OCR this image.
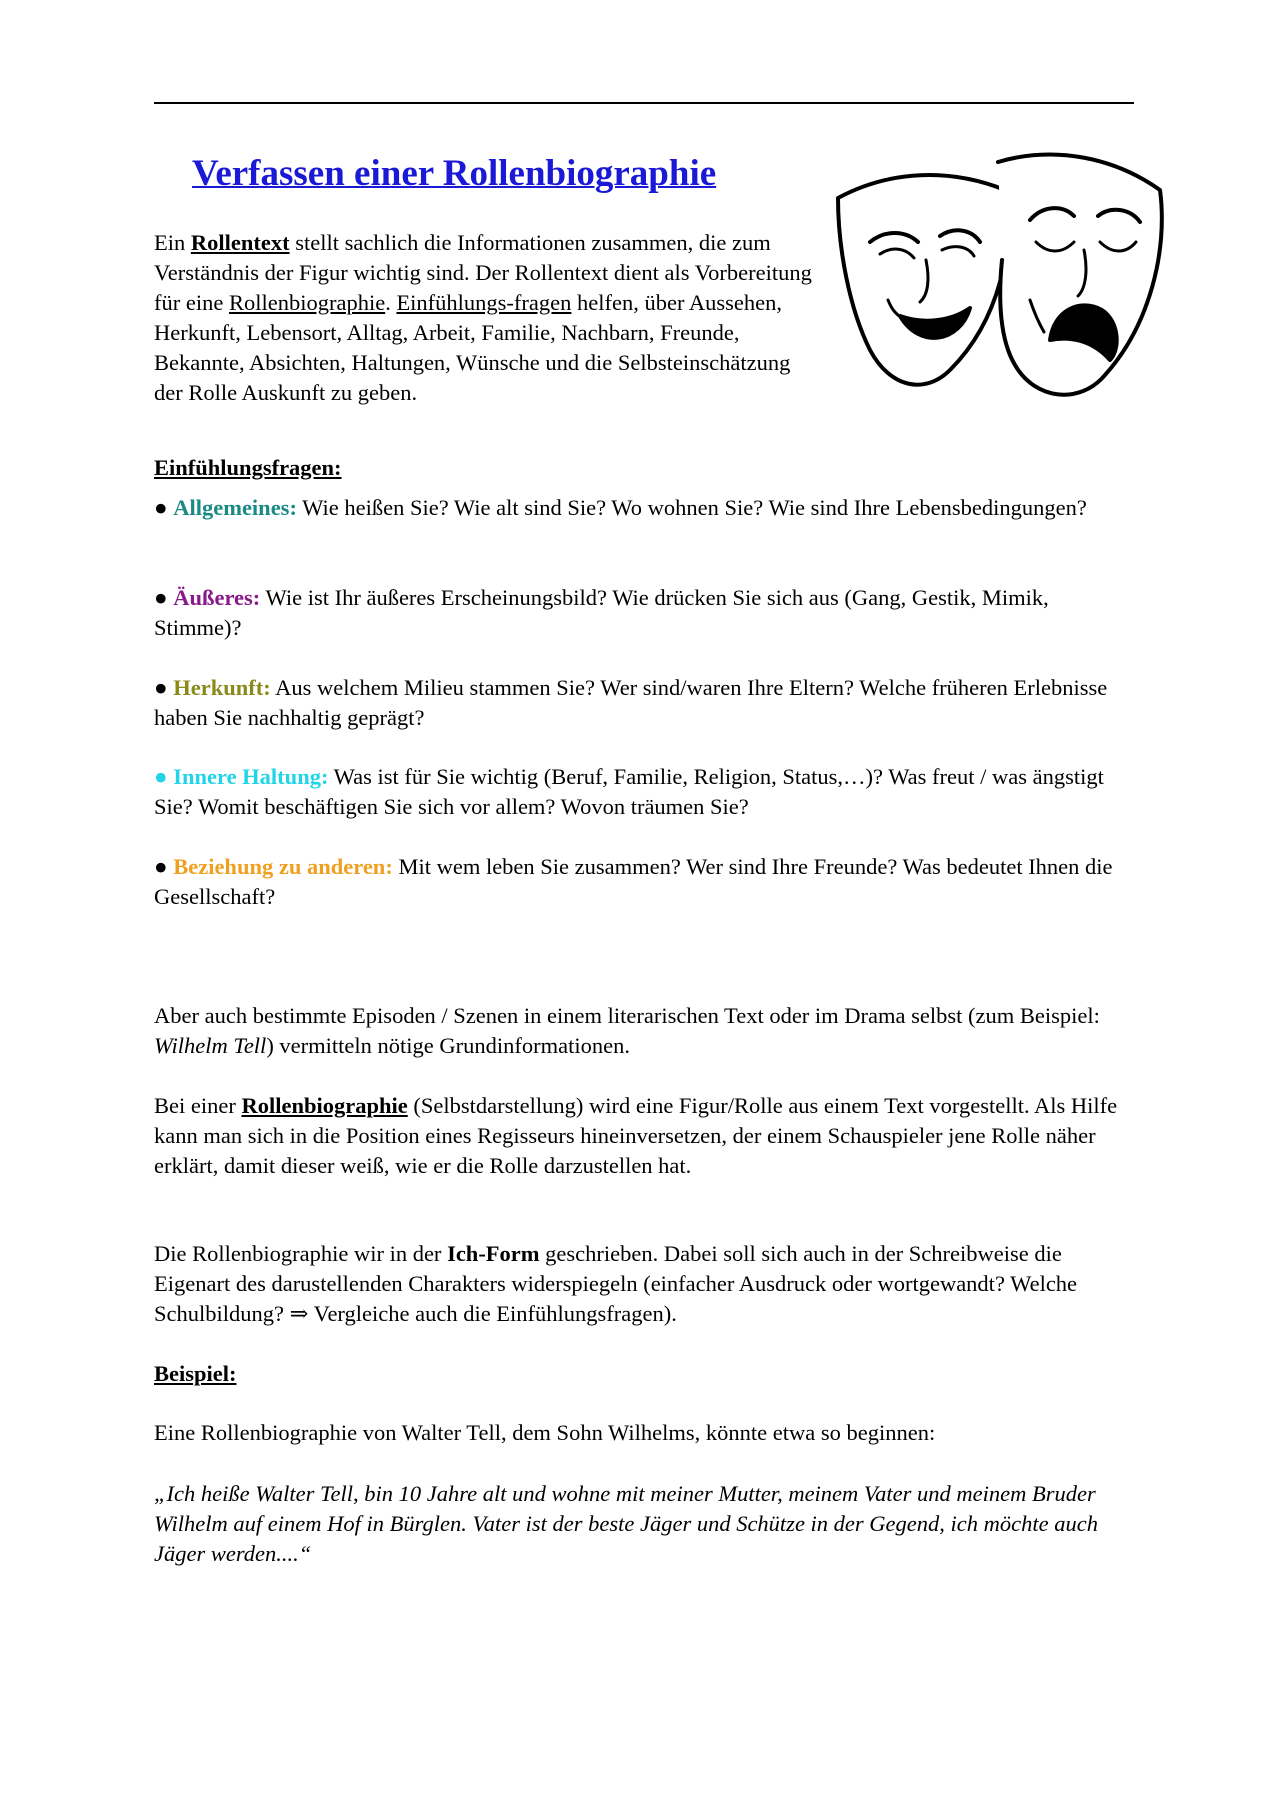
Verfassen einer Rollenbiographie

Ein Rollentext stellt sachlich die Informationen zusammen, die zum Verständnis der Figur wichtig sind. Der Rollentext dient als Vorbereitung für eine Rollenbiographie. Einfühlungs-fragen helfen, über Aussehen, Herkunft, Lebensort, Alltag, Arbeit, Familie, Nachbarn, Freunde, Bekannte, Absichten, Haltungen, Wünsche und die Selbsteinschätzung der Rolle Auskunft zu geben.

Einfühlungsfragen:

● Allgemeines: Wie heißen Sie? Wie alt sind Sie? Wo wohnen Sie? Wie sind Ihre Lebensbedingungen?

● Äußeres: Wie ist Ihr äußeres Erscheinungsbild? Wie drücken Sie sich aus (Gang, Gestik, Mimik, Stimme)?

● Herkunft: Aus welchem Milieu stammen Sie? Wer sind/waren Ihre Eltern? Welche früheren Erlebnisse haben Sie nachhaltig geprägt?

● Innere Haltung: Was ist für Sie wichtig (Beruf, Familie, Religion, Status,…)? Was freut / was ängstigt Sie? Womit beschäftigen Sie sich vor allem? Wovon träumen Sie?

● Beziehung zu anderen: Mit wem leben Sie zusammen? Wer sind Ihre Freunde? Was bedeutet Ihnen die Gesellschaft?

Aber auch bestimmte Episoden / Szenen in einem literarischen Text oder im Drama selbst (zum Beispiel: Wilhelm Tell) vermitteln nötige Grundinformationen.

Bei einer Rollenbiographie (Selbstdarstellung) wird eine Figur/Rolle aus einem Text vorgestellt. Als Hilfe kann man sich in die Position eines Regisseurs hineinversetzen, der einem Schauspieler jene Rolle näher erklärt, damit dieser weiß, wie er die Rolle darzustellen hat.

Die Rollenbiographie wir in der Ich-Form geschrieben. Dabei soll sich auch in der Schreibweise die Eigenart des darustellenden Charakters widerspiegeln (einfacher Ausdruck oder wortgewandt? Welche Schulbildung? ⇒ Vergleiche auch die Einfühlungsfragen).

Beispiel:

Eine Rollenbiographie von Walter Tell, dem Sohn Wilhelms, könnte etwa so beginnen:

„Ich heiße Walter Tell, bin 10 Jahre alt und wohne mit meiner Mutter, meinem Vater und meinem Bruder Wilhelm auf einem Hof in Bürglen. Vater ist der beste Jäger und Schütze in der Gegend, ich möchte auch Jäger werden....“
